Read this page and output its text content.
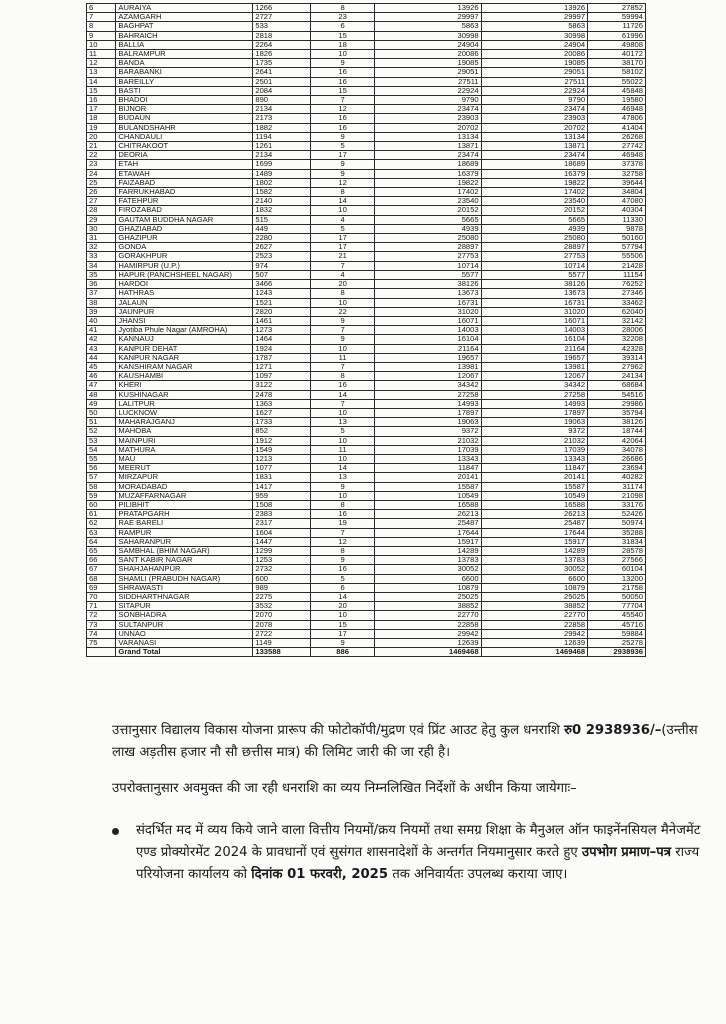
6	AURAIYA	1266	8	13926	13926	27852
7	AZAMGARH	2727	23	29997	29997	59994
8	BAGHPAT	533	6	5863	5863	11726
9	BAHRAICH	2818	15	30998	30998	61996
10	BALLIA	2264	18	24904	24904	49808
11	BALRAMPUR	1826	10	20086	20086	40172
12	BANDA	1735	9	19085	19085	38170
13	BARABANKI	2641	16	29051	29051	58102
14	BAREILLY	2501	16	27511	27511	55022
15	BASTI	2084	15	22924	22924	45848
16	BHADOI	890	7	9790	9790	19580
17	BIJNOR	2134	12	23474	23474	46948
18	BUDAUN	2173	16	23903	23903	47806
19	BULANDSHAHR	1882	16	20702	20702	41404
20	CHANDAULI	1194	9	13134	13134	26268
21	CHITRAKOOT	1261	5	13871	13871	27742
22	DEORIA	2134	17	23474	23474	46948
23	ETAH	1699	9	18689	18689	37378
24	ETAWAH	1489	9	16379	16379	32758
25	FAIZABAD	1802	12	19822	19822	39644
26	FARRUKHABAD	1582	8	17402	17402	34804
27	FATEHPUR	2140	14	23540	23540	47080
28	FIROZABAD	1832	10	20152	20152	40304
29	GAUTAM BUDDHA NAGAR	515	4	5665	5665	11330
30	GHAZIABAD	449	5	4939	4939	9878
31	GHAZIPUR	2280	17	25080	25080	50160
32	GONDA	2627	17	28897	28897	57794
33	GORAKHPUR	2523	21	27753	27753	55506
34	HAMIRPUR (U.P.)	974	7	10714	10714	21428
35	HAPUR (PANCHSHEEL NAGAR)	507	4	5577	5577	11154
36	HARDOI	3466	20	38126	38126	76252
37	HATHRAS	1243	8	13673	13673	27346
38	JALAUN	1521	10	16731	16731	33462
39	JAUNPUR	2820	22	31020	31020	62040
40	JHANSI	1461	9	16071	16071	32142
41	Jyotiba Phule Nagar (AMROHA)	1273	7	14003	14003	28006
42	KANNAUJ	1464	9	16104	16104	32208
43	KANPUR DEHAT	1924	10	21164	21164	42328
44	KANPUR NAGAR	1787	11	19657	19657	39314
45	KANSHIRAM NAGAR	1271	7	13981	13981	27962
46	KAUSHAMBI	1097	8	12067	12067	24134
47	KHERI	3122	16	34342	34342	68684
48	KUSHINAGAR	2478	14	27258	27258	54516
49	LALITPUR	1363	7	14993	14993	29986
50	LUCKNOW	1627	10	17897	17897	35794
51	MAHARAJGANJ	1733	13	19063	19063	38126
52	MAHOBA	852	5	9372	9372	18744
53	MAINPURI	1912	10	21032	21032	42064
54	MATHURA	1549	11	17039	17039	34078
55	MAU	1213	10	13343	13343	26686
56	MEERUT	1077	14	11847	11847	23694
57	MIRZAPUR	1831	13	20141	20141	40282
58	MORADABAD	1417	9	15587	15587	31174
59	MUZAFFARNAGAR	959	10	10549	10549	21098
60	PILIBHIT	1508	8	16588	16588	33176
61	PRATAPGARH	2383	16	26213	26213	52426
62	RAE BARELI	2317	19	25487	25487	50974
63	RAMPUR	1604	7	17644	17644	35288
64	SAHARANPUR	1447	12	15917	15917	31834
65	SAMBHAL (BHIM NAGAR)	1299	8	14289	14289	28578
66	SANT KABIR NAGAR	1253	9	13783	13783	27566
67	SHAHJAHANPUR	2732	16	30052	30052	60104
68	SHAMLI (PRABUDH NAGAR)	600	5	6600	6600	13200
69	SHRAWASTI	989	6	10879	10879	21758
70	SIDDHARTHNAGAR	2275	14	25025	25025	50050
71	SITAPUR	3532	20	38852	38852	77704
72	SONBHADRA	2070	10	22770	22770	45540
73	SULTANPUR	2078	15	22858	22858	45716
74	UNNAO	2722	17	29942	29942	59884
75	VARANASI	1149	9	12639	12639	25278
	Grand Total	133588	886	1469468	1469468	2938936
उत्तानुसार विद्यालय विकास योजना प्रारूप की फोटोकॉपी/मुद्रण एवं प्रिंट आउट हेतु कुल धनराशि रु0 2938936/–(उन्तीस लाख अड़तीस हजार नौ सौ छत्तीस मात्र) की लिमिट जारी की जा रही है।
उपरोक्तानुसार अवमुक्त की जा रही धनराशि का व्यय निम्नलिखित निर्देशों के अधीन किया जायेगाः–
संदर्भित मद में व्यय किये जाने वाला वित्तीय नियमों/क्रय नियमों तथा समग्र शिक्षा के मैनुअल ऑन फाइनेंनसियल मैनेजमेंट एण्ड प्रोक्योरमेंट 2024 के प्रावधानों एवं सुसंगत शासनादेशों के अन्तर्गत नियमानुसार करते हुए उपभोग प्रमाण–पत्र राज्य परियोजना कार्यालय को दिनांक 01 फरवरी, 2025 तक अनिवार्यतः उपलब्ध कराया जाए।
